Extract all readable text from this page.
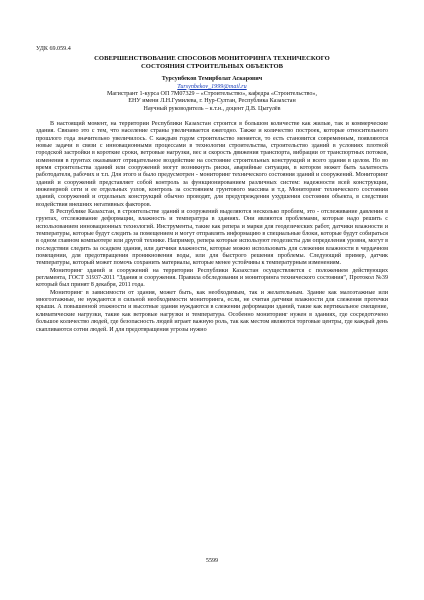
УДК 69.059.4
СОВЕРШЕНСТВОВАНИЕ СПОСОБОВ МОНИТОРИНГА ТЕХНИЧЕСКОГО
СОСТОЯНИЯ СТРОИТЕЛЬНЫХ ОБЪЕКТОВ
Турсунбеков Темирболат Аскарович
Tursynbekov_1999@mail.ru
Магистрант 1-курса ОП 7M07329 – «Строительство», кафедра «Строительство»,
ЕНУ имени Л.Н.Гумилева, г. Нур-Султан, Республика Казахстан
Научный руководитель – к.т.н., доцент Д.В. Цыгулёв

В настоящий момент, на территории Республики Казахстан строится в большом количестве как жилые, так и коммерческие здания. Связано это с тем, что население страны увеличивается ежегодно. Также и количество построек, которые относительного прошлого года значительно увеличилось. С каждым годом строительство меняется, то есть становится современным, появляются новые задачи в связи с инновационными процессами в технологии строительства, строительство зданий в условиях плотной городской застройки в короткие сроки, ветровые нагрузки, вес и скорость движения транспорта, вибрации от транспортных потоков, изменения в грунтах оказывают отрицательное воздействие на состояние строительных конструкций и всего здания в целом. Но во время строительства зданий или сооружений могут возникнуть риски, аварийные ситуации, в котором может быть халатность работодателя, рабочих и т.п. Для этого и было предусмотрен - мониторинг технического состояния зданий и сооружений. Мониторинг зданий и сооружений представляет собой контроль за функционированием различных систем: надежности всей конструкции, инженерной сети и ее отдельных узлов, контроль за состоянием грунтового массива и т.д. Мониторинг технического состояния зданий, сооружений и отдельных конструкций обычно проводят, для предупреждения ухудшения состояния объекта, в следствии воздействия внешних негативных факторов.

В Республике Казахстан, в строительстве зданий и сооружений выделяются несколько проблем, это - отслеживание давления в грунтах, отслеживание деформации, влажность и температура в зданиях. Они являются проблемами, которые надо решить с использованием инновационных технологий. Инструменты, такие как репера и марки для геодезических работ, датчики влажности и температуры, которые будут следить за помещением и могут отправлять информацию в специальные блоки, которые будут собираться в одном главном компьютере или другой технике. Например, репера которые используют геодезисты для определения уровня, могут в последствии следить за осадком здания, или датчики влажности, которые можно использовать для слежения влажности в чердачном помещении, для предотвращения проникновения воды, или для быстрого решения проблемы. Следующий пример, датчик температуры, который может помочь сохранить материалы, которые менее устойчивы к температурным изменениям.

Мониторинг зданий и сооружений на территории Республики Казахстан осуществляется с положением действующих регламента, ГОСТ 31937-2011 "Здания и сооружения. Правила обследования и мониторинга технического состояния", Протокол №39 который был принят 8 декабря, 2011 года.

Мониторинг в зависимости от здания, может быть, как необходимым, так и желательным. Здание как малоэтажные или многоэтажные, не нуждаются в сильной необходимости мониторинга, если, не считая датчики влажности для слежения протечки крыши. А повышенной этажности и высотные здания нуждаются в слежении деформации зданий, такие как вертикальное смещение, климатические нагрузки, такие как ветровые нагрузки и температура. Особенно мониторинг нужен в зданиях, где сосредоточено большое количество людей, где безопасность людей играет важную роль, так как местом являются торговые центры, где каждый день скапливаются сотни людей. И для предотвращения угрозы нужно

5599
